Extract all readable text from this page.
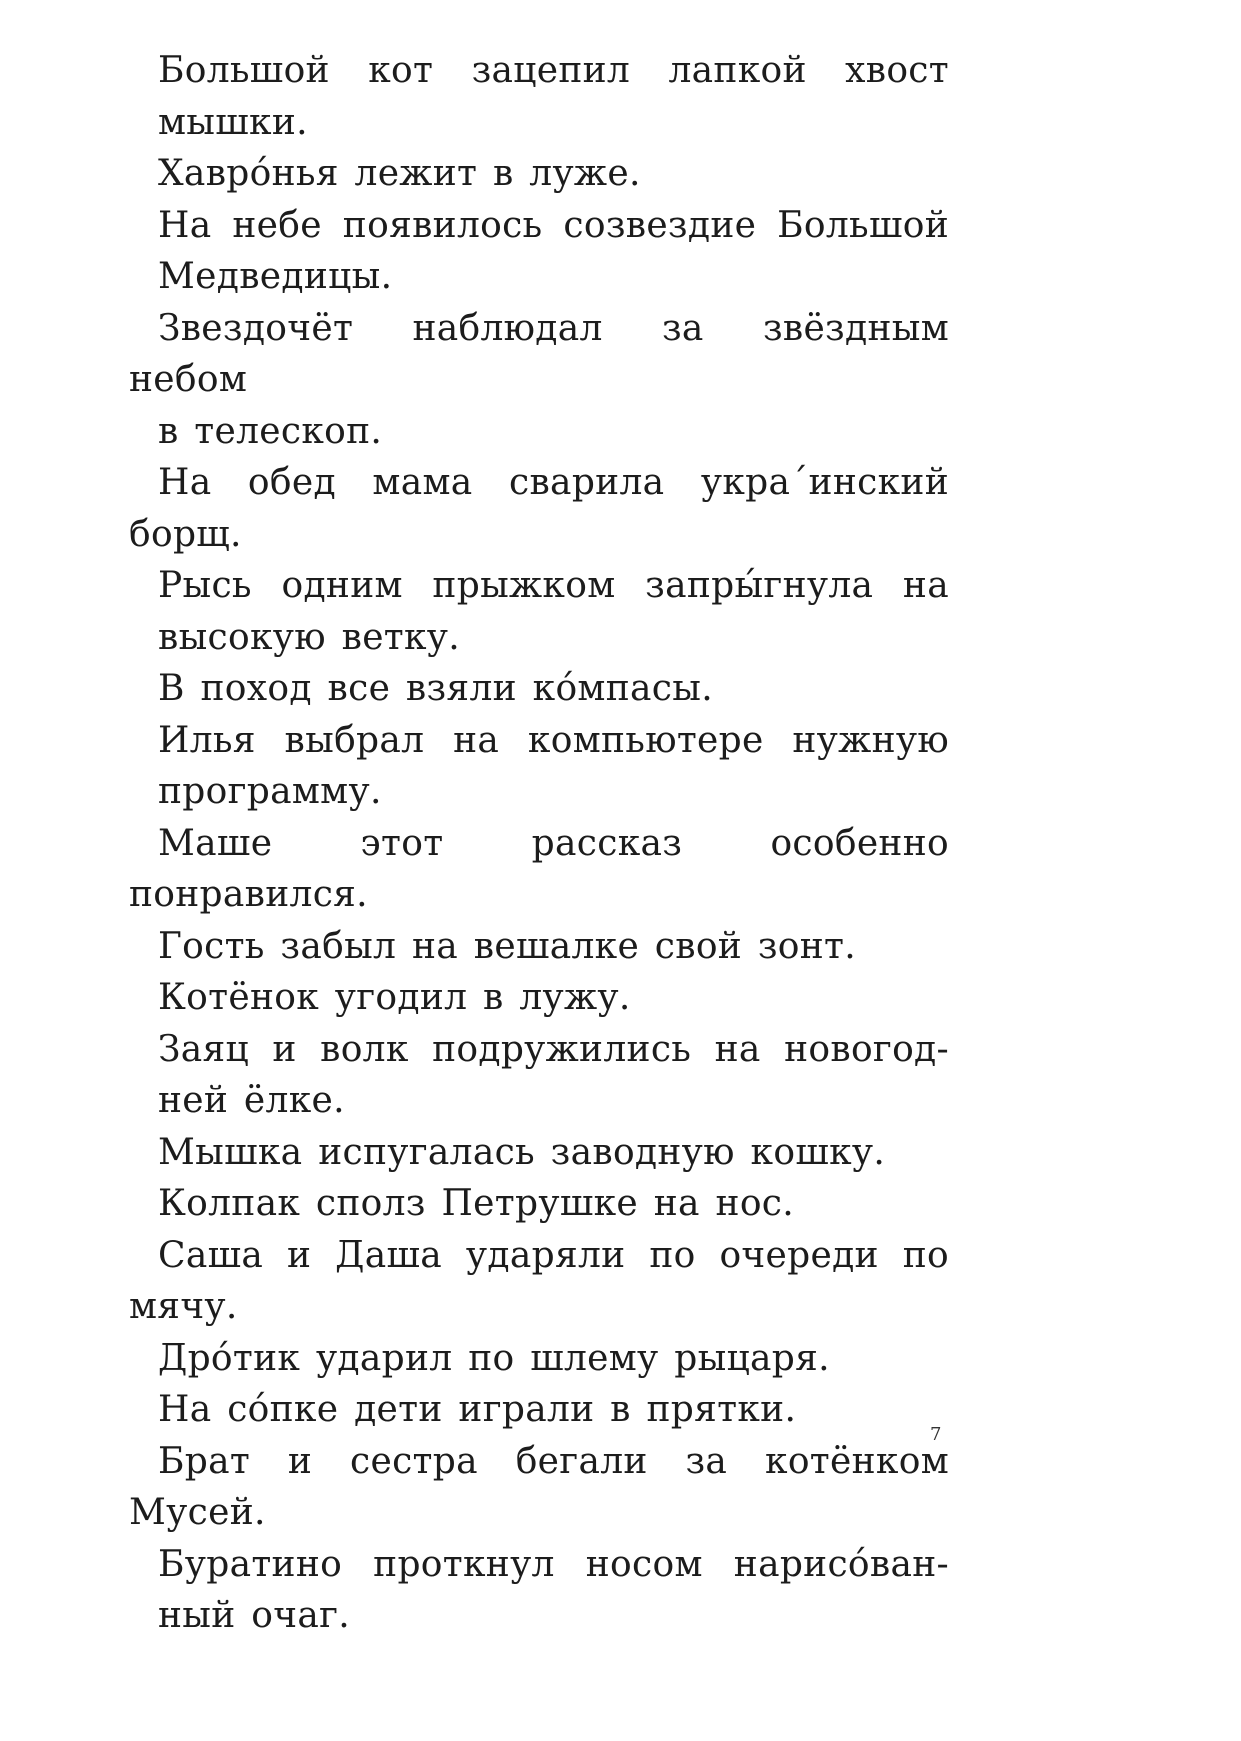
Большой кот зацепил лапкой хвост
мышки.

Хавро́нья лежит в луже.

На небе появилось созвездие Большой
Медведицы.

Звездочёт наблюдал за звёздным небом
в телескоп.

На обед мама сварила укра´инский борщ.

Рысь одним прыжком запры́гнула на
высокую ветку.

В поход все взяли ко́мпасы.

Илья выбрал на компьютере нужную
программу.

Маше этот рассказ особенно понравился.

Гость забыл на вешалке свой зонт.

Котёнок угодил в лужу.

Заяц и волк подружились на новогод-
ней ёлке.

Мышка испугалась заводную кошку.

Колпак сполз Петрушке на нос.

Саша и Даша ударяли по очереди по мячу.

Дро́тик ударил по шлему рыцаря.

На со́пке дети играли в прятки.

Брат и сестра бегали за котёнком Мусей.

Буратино проткнул носом нарисо́ван-
ный очаг.

7
